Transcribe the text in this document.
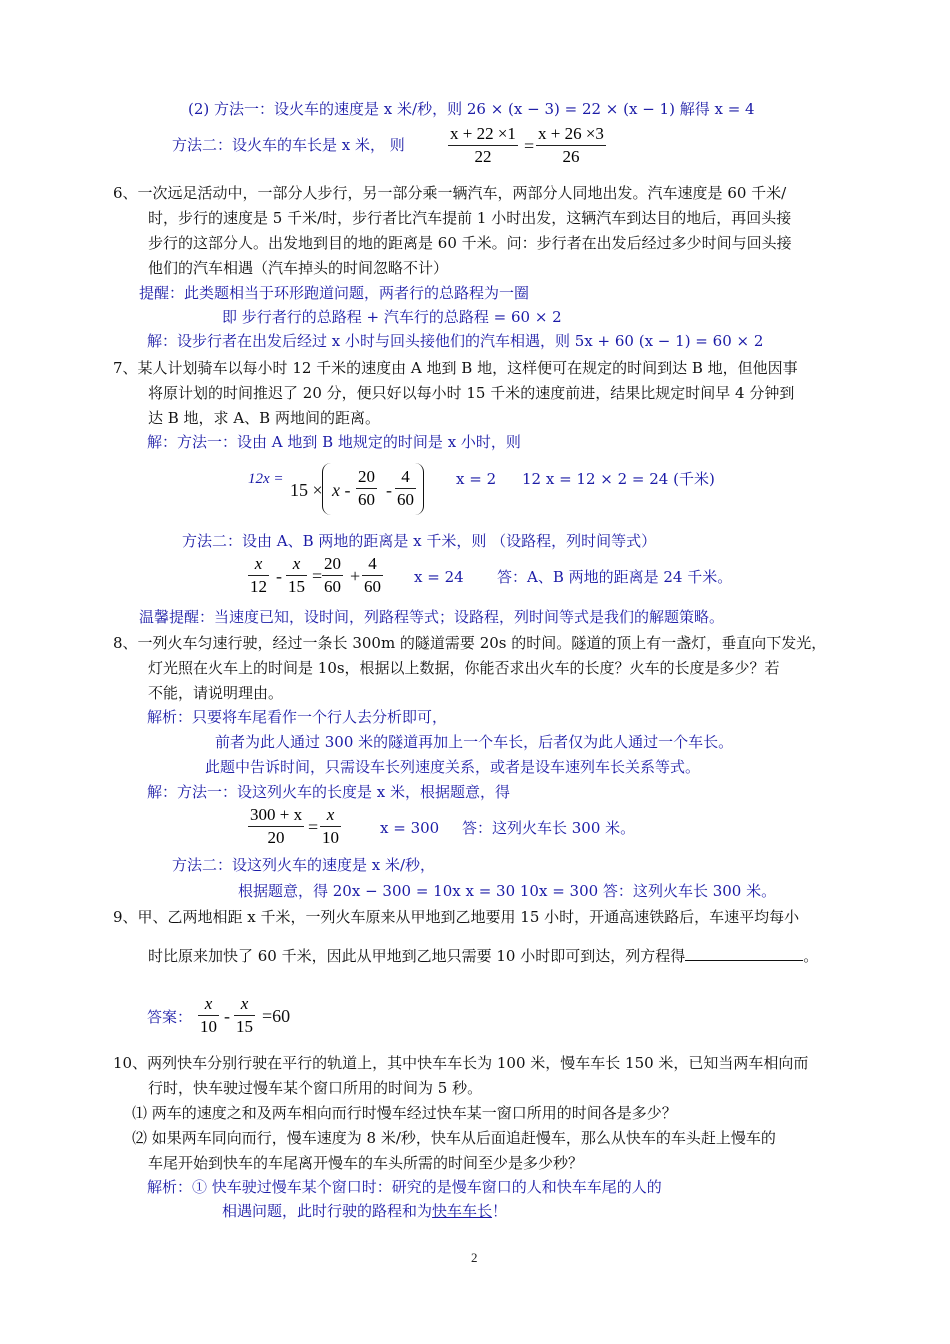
(2) 方法一：设火车的速度是 x 米/秒，则 26 × (x − 3) = 22 × (x − 1) 解得 x = 4
方法二：设火车的车长是 x 米， 则	$\frac{x + 22 \times 1}{22} = \frac{x + 26 \times 3}{26}$
6、一次远足活动中，一部分人步行，另一部分乘一辆汽车，两部分人同地出发。汽车速度是 60 千米/
时，步行的速度是 5 千米/时，步行者比汽车提前 1 小时出发，这辆汽车到达目的地后，再回头接
步行的这部分人。出发地到目的地的距离是 60 千米。问：步行者在出发后经过多少时间与回头接
他们的汽车相遇（汽车掉头的时间忽略不计）
提醒：此类题相当于环形跑道问题，两者行的总路程为一圈
即 步行者行的总路程 + 汽车行的总路程 = 60 × 2
解：设步行者在出发后经过 x 小时与回头接他们的汽车相遇，则 5x + 60 (x − 1) = 60 × 2
7、某人计划骑车以每小时 12 千米的速度由 A 地到 B 地，这样便可在规定的时间到达 B 地，但他因事
将原计划的时间推迟了 20 分，便只好以每小时 15 千米的速度前进，结果比规定时间早 4 分钟到
达 B 地，求 A、B 两地间的距离。
解：方法一：设由 A 地到 B 地规定的时间是 x 小时，则
12x =
$15 \times x - \frac{20}{60} - \frac{4}{60}$	x = 2 12 x = 12 × 2 = 24 (千米)
方法二：设由 A、B 两地的距离是 x 千米，则 （设路程，列时间等式）
$\frac{x}{12} - \frac{x}{15} = \frac{20}{60} + \frac{4}{60}$ x = 24 答：A、B 两地的距离是 24 千米。
温馨提醒：当速度已知，设时间，列路程等式；设路程，列时间等式是我们的解题策略。
8、一列火车匀速行驶，经过一条长 300m 的隧道需要 20s 的时间。隧道的顶上有一盏灯，垂直向下发光，
灯光照在火车上的时间是 10s，根据以上数据，你能否求出火车的长度？火车的长度是多少？若
不能，请说明理由。
解析：只要将车尾看作一个行人去分析即可，
前者为此人通过 300 米的隧道再加上一个车长，后者仅为此人通过一个车长。
此题中告诉时间，只需设车长列速度关系，或者是设车速列车长关系等式。
解：方法一：设这列火车的长度是 x 米，根据题意，得
$\frac{300 + x}{20} = \frac{x}{10}$	x = 300 答：这列火车长 300 米。
方法二：设这列火车的速度是 x 米/秒，
根据题意，得 20x − 300 = 10x x = 30 10x = 300 答：这列火车长 300 米。
9、甲、乙两地相距 x 千米，一列火车原来从甲地到乙地要用 15 小时，开通高速铁路后，车速平均每小
时比原来加快了 60 千米，因此从甲地到乙地只需要 10 小时即可到达，列方程得	。
答案： $\frac{x}{10} - \frac{x}{15} =60$
10、两列快车分别行驶在平行的轨道上，其中快车车长为 100 米，慢车车长 150 米，已知当两车相向而
行时，快车驶过慢车某个窗口所用的时间为 5 秒。
⑴ 两车的速度之和及两车相向而行时慢车经过快车某一窗口所用的时间各是多少？
⑵ 如果两车同向而行，慢车速度为 8 米/秒，快车从后面追赶慢车，那么从快车的车头赶上慢车的
车尾开始到快车的车尾离开慢车的车头所需的时间至少是多少秒？
解析：① 快车驶过慢车某个窗口时：研究的是慢车窗口的人和快车车尾的人的
相遇问题，此时行驶的路程和为快车车长！
2
